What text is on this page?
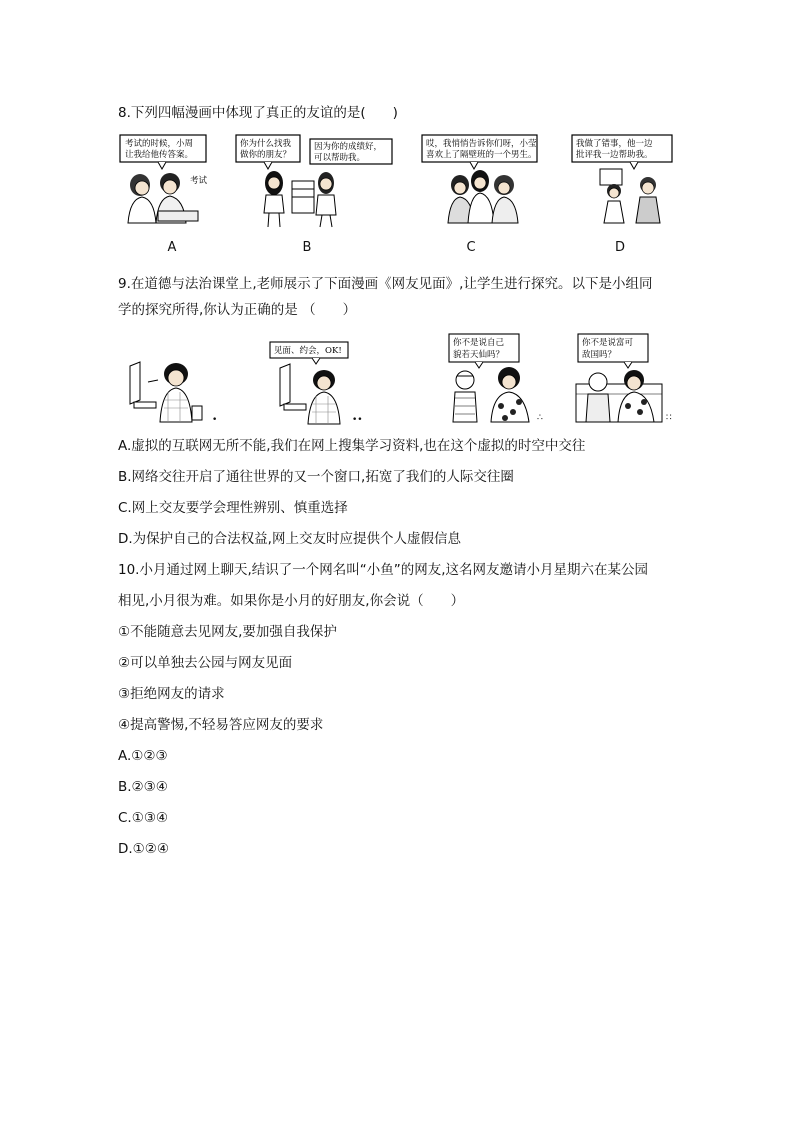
8.下列四幅漫画中体现了真正的友谊的是(　　)
考试的时候，小周
让我给他传答案。
考试
你为什么找我
做你的朋友？
因为你的成绩好，
可以帮助我。
哎，我悄悄告诉你们呀，小莹
喜欢上了隔壁班的一个男生。
我做了错事，他一边
批评我一边帮助我。
A	B	C	D
9.在道德与法治课堂上,老师展示了下面漫画《网友见面》,让学生进行探究。以下是小组同
学的探究所得,你认为正确的是 （　　）
•
见面、约会，OK!
••
你不是说自己
貌若天仙吗？
∴
你不是说富可
敌国吗？
∷
A.虚拟的互联网无所不能,我们在网上搜集学习资料,也在这个虚拟的时空中交往
B.网络交往开启了通往世界的又一个窗口,拓宽了我们的人际交往圈
C.网上交友要学会理性辨别、慎重选择
D.为保护自己的合法权益,网上交友时应提供个人虚假信息
10.小月通过网上聊天,结识了一个网名叫“小鱼”的网友,这名网友邀请小月星期六在某公园
相见,小月很为难。如果你是小月的好朋友,你会说（　　）
①不能随意去见网友,要加强自我保护
②可以单独去公园与网友见面
③拒绝网友的请求
④提高警惕,不轻易答应网友的要求
A.①②③
B.②③④
C.①③④
D.①②④
